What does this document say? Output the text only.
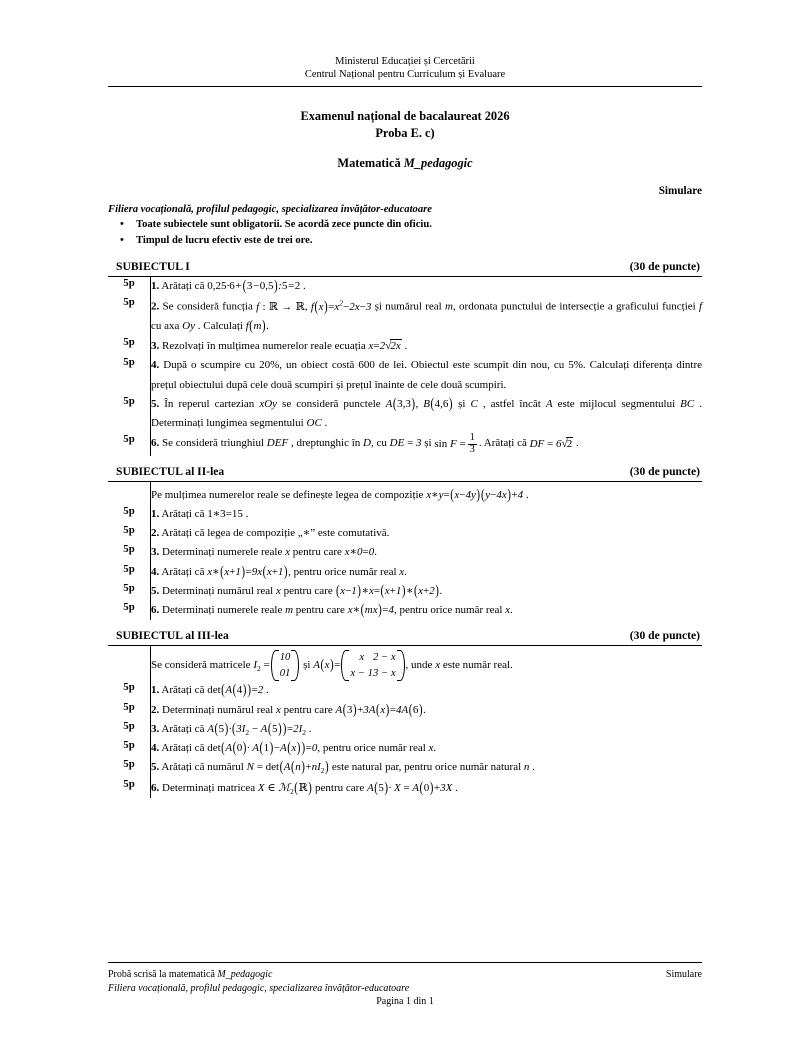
Ministerul Educației și Cercetării
Centrul Național pentru Curriculum și Evaluare
Examenul național de bacalaureat 2026
Proba E. c)
Matematică M_pedagogic
Simulare
Filiera vocațională, profilul pedagogic, specializarea învățător-educatoare
• Toate subiectele sunt obligatorii. Se acordă zece puncte din oficiu.
• Timpul de lucru efectiv este de trei ore.
SUBIECTUL I	(30 de puncte)
5p	1. Arătați că 0,25·6+(3−0,5):5=2 .
5p	2. Se consideră funcția f : ℝ → ℝ, $f(x)=x^2-2x-3$ și numărul real m, ordonata punctului de intersecție a graficului funcției f cu axa Oy . Calculați f(m).
5p	3. Rezolvați în mulțimea numerelor reale ecuația x=2√2x .
5p	4. După o scumpire cu 20%, un obiect costă 600 de lei. Obiectul este scumpit din nou, cu 5%. Calculați diferența dintre prețul obiectului după cele două scumpiri și prețul înainte de cele două scumpiri.
5p	5. În reperul cartezian xOy se consideră punctele A(3,3), B(4,6) și C , astfel încât A este mijlocul segmentului BC . Determinați lungimea segmentului OC .
5p	6. Se consideră triunghiul DEF , dreptunghic în D, cu DE = 3 și $\sin F = \frac{1}{3}$ . Arătați că DF = 6√2 .
SUBIECTUL al II-lea	(30 de puncte)
	Pe mulțimea numerelor reale se definește legea de compoziție x∗y=(x−4y)(y−4x)+4 .
5p	1. Arătați că 1∗3=15 .
5p	2. Arătați că legea de compoziție „∗” este comutativă.
5p	3. Determinați numerele reale x pentru care x∗0=0.
5p	4. Arătați că x∗(x+1)=9x(x+1), pentru orice număr real x.
5p	5. Determinați numărul real x pentru care (x−1)∗x=(x+1)∗(x+2).
5p	6. Determinați numerele reale m pentru care x∗(mx)=4, pentru orice număr real x.
SUBIECTUL al III-lea	(30 de puncte)
	Se consideră matricele $I_2$ =
1	0
0	1
și A(x)=
x	2 − x
x − 1	3 − x
, unde x este număr real.
5p	1. Arătați că det(A(4))=2 .
5p	2. Determinați numărul real x pentru care A(3)+3A(x)=4A(6).
5p	3. Arătați că $A(5)\cdot(3I_2 - A(5))=2I_2$ .
5p	4. Arătați că det(A(0)· A(1)−A(x))=0, pentru orice număr real x.
5p	5. Arătați că numărul $N = \det(A(n)+nI_2)$ este natural par, pentru orice număr natural n .
5p	6. Determinați matricea X ∈ ℳ$_2$(ℝ) pentru care A(5)· X = A(0)+3X .
Probă scrisă la matematică M_pedagogic	Simulare
Filiera vocațională, profilul pedagogic, specializarea învățător-educatoare
Pagina 1 din 1
